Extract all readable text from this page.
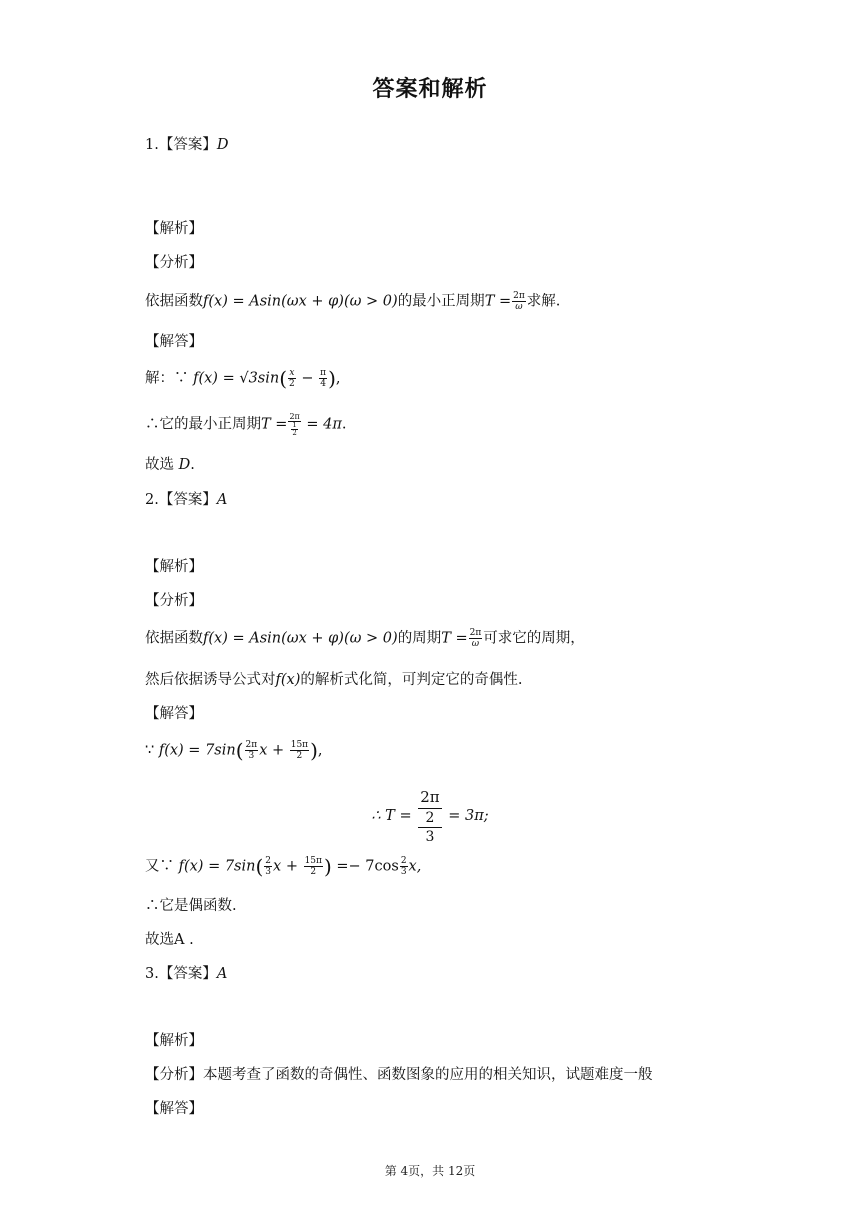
答案和解析
1.【答案】D
【解析】
【分析】
依据函数f(x) = Asin(ωx + φ)(ω > 0)的最小正周期$T = \frac{2\pi}{\omega}$ 求解.
【解答】
解：∵ $f(x) = √3\sin( \frac{x}{2} - \frac{\pi}{4}$ ),
∴它的最小正周期$T = \frac{2\pi}{\frac{1}{2}} = 4\pi$.
故选 D.
2.【答案】A
【解析】
【分析】
依据函数f(x) = Asin(ωx + φ)(ω > 0)的周期$T = \frac{2\pi}{\omega}$ 可求它的周期，
然后依据诱导公式对f(x)的解析式化简，可判定它的奇偶性.
【解答】
∵ $f(x) = 7\sin( \frac{2\pi}{3}$ $x + \frac{15\pi}{2}$ ),
∴ T = 2π
2
3 = 3π;
又∵ $f(x) = 7\sin( \frac{2}{3}$ $x + \frac{15\pi}{2}$ ) =− $7\cos \frac{2}{3} x$,
∴它是偶函数.
故选A .
3.【答案】A
【解析】
【分析】本题考查了函数的奇偶性、函数图象的应用的相关知识，试题难度一般
【解答】
第 4页，共 12页
